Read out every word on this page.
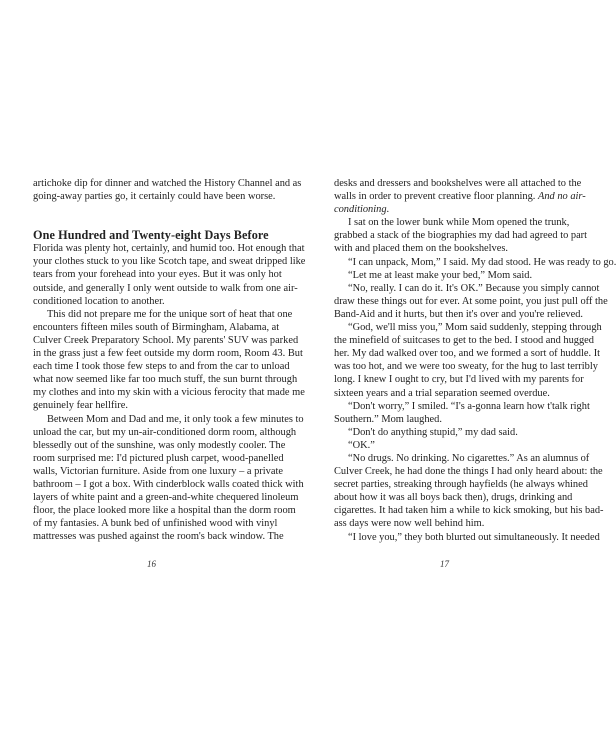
artichoke dip for dinner and watched the History Channel and as
going-away parties go, it certainly could have been worse.
One Hundred and Twenty-eight Days Before
Florida was plenty hot, certainly, and humid too. Hot enough that
your clothes stuck to you like Scotch tape, and sweat dripped like
tears from your forehead into your eyes. But it was only hot
outside, and generally I only went outside to walk from one air-
conditioned location to another.
This did not prepare me for the unique sort of heat that one
encounters fifteen miles south of Birmingham, Alabama, at
Culver Creek Preparatory School. My parents' SUV was parked
in the grass just a few feet outside my dorm room, Room 43. But
each time I took those few steps to and from the car to unload
what now seemed like far too much stuff, the sun burnt through
my clothes and into my skin with a vicious ferocity that made me
genuinely fear hellfire.
Between Mom and Dad and me, it only took a few minutes to
unload the car, but my un-air-conditioned dorm room, although
blessedly out of the sunshine, was only modestly cooler. The
room surprised me: I'd pictured plush carpet, wood-panelled
walls, Victorian furniture. Aside from one luxury – a private
bathroom – I got a box. With cinderblock walls coated thick with
layers of white paint and a green-and-white chequered linoleum
floor, the place looked more like a hospital than the dorm room
of my fantasies. A bunk bed of unfinished wood with vinyl
mattresses was pushed against the room's back window. The
16
desks and dressers and bookshelves were all attached to the
walls in order to prevent creative floor planning. And no air-
conditioning.
I sat on the lower bunk while Mom opened the trunk,
grabbed a stack of the biographies my dad had agreed to part
with and placed them on the bookshelves.
“I can unpack, Mom,” I said. My dad stood. He was ready to go.
“Let me at least make your bed,” Mom said.
“No, really. I can do it. It's OK.” Because you simply cannot
draw these things out for ever. At some point, you just pull off the
Band-Aid and it hurts, but then it's over and you're relieved.
“God, we'll miss you,” Mom said suddenly, stepping through
the minefield of suitcases to get to the bed. I stood and hugged
her. My dad walked over too, and we formed a sort of huddle. It
was too hot, and we were too sweaty, for the hug to last terribly
long. I knew I ought to cry, but I'd lived with my parents for
sixteen years and a trial separation seemed overdue.
“Don't worry,” I smiled. “I's a-gonna learn how t'talk right
Southern.” Mom laughed.
“Don't do anything stupid,” my dad said.
“OK.”
“No drugs. No drinking. No cigarettes.” As an alumnus of
Culver Creek, he had done the things I had only heard about: the
secret parties, streaking through hayfields (he always whined
about how it was all boys back then), drugs, drinking and
cigarettes. It had taken him a while to kick smoking, but his bad-
ass days were now well behind him.
“I love you,” they both blurted out simultaneously. It needed
17
